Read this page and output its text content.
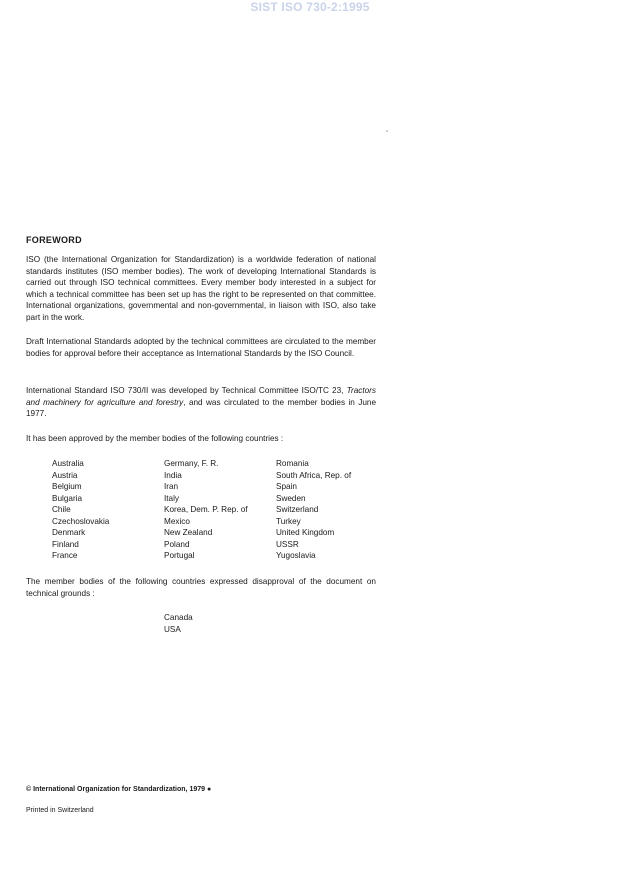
SIST ISO 730-2:1995
FOREWORD

ISO (the International Organization for Standardization) is a worldwide federation of national standards institutes (ISO member bodies). The work of developing International Standards is carried out through ISO technical committees. Every member body interested in a subject for which a technical committee has been set up has the right to be represented on that committee. International organizations, governmental and non-governmental, in liaison with ISO, also take part in the work.

Draft International Standards adopted by the technical committees are circulated to the member bodies for approval before their acceptance as International Standards by the ISO Council.

International Standard ISO 730/II was developed by Technical Committee ISO/TC 23, Tractors and machinery for agriculture and forestry, and was circulated to the member bodies in June 1977.

It has been approved by the member bodies of the following countries :

Australia
Austria
Belgium
Bulgaria
Chile
Czechoslovakia
Denmark
Finland
France
Germany, F. R.
India
Iran
Italy
Korea, Dem. P. Rep. of
Mexico
New Zealand
Poland
Portugal
Romania
South Africa, Rep. of
Spain
Sweden
Switzerland
Turkey
United Kingdom
USSR
Yugoslavia

The member bodies of the following countries expressed disapproval of the document on technical grounds :

Canada
USA
© International Organization for Standardization, 1979 ●
Printed in Switzerland
